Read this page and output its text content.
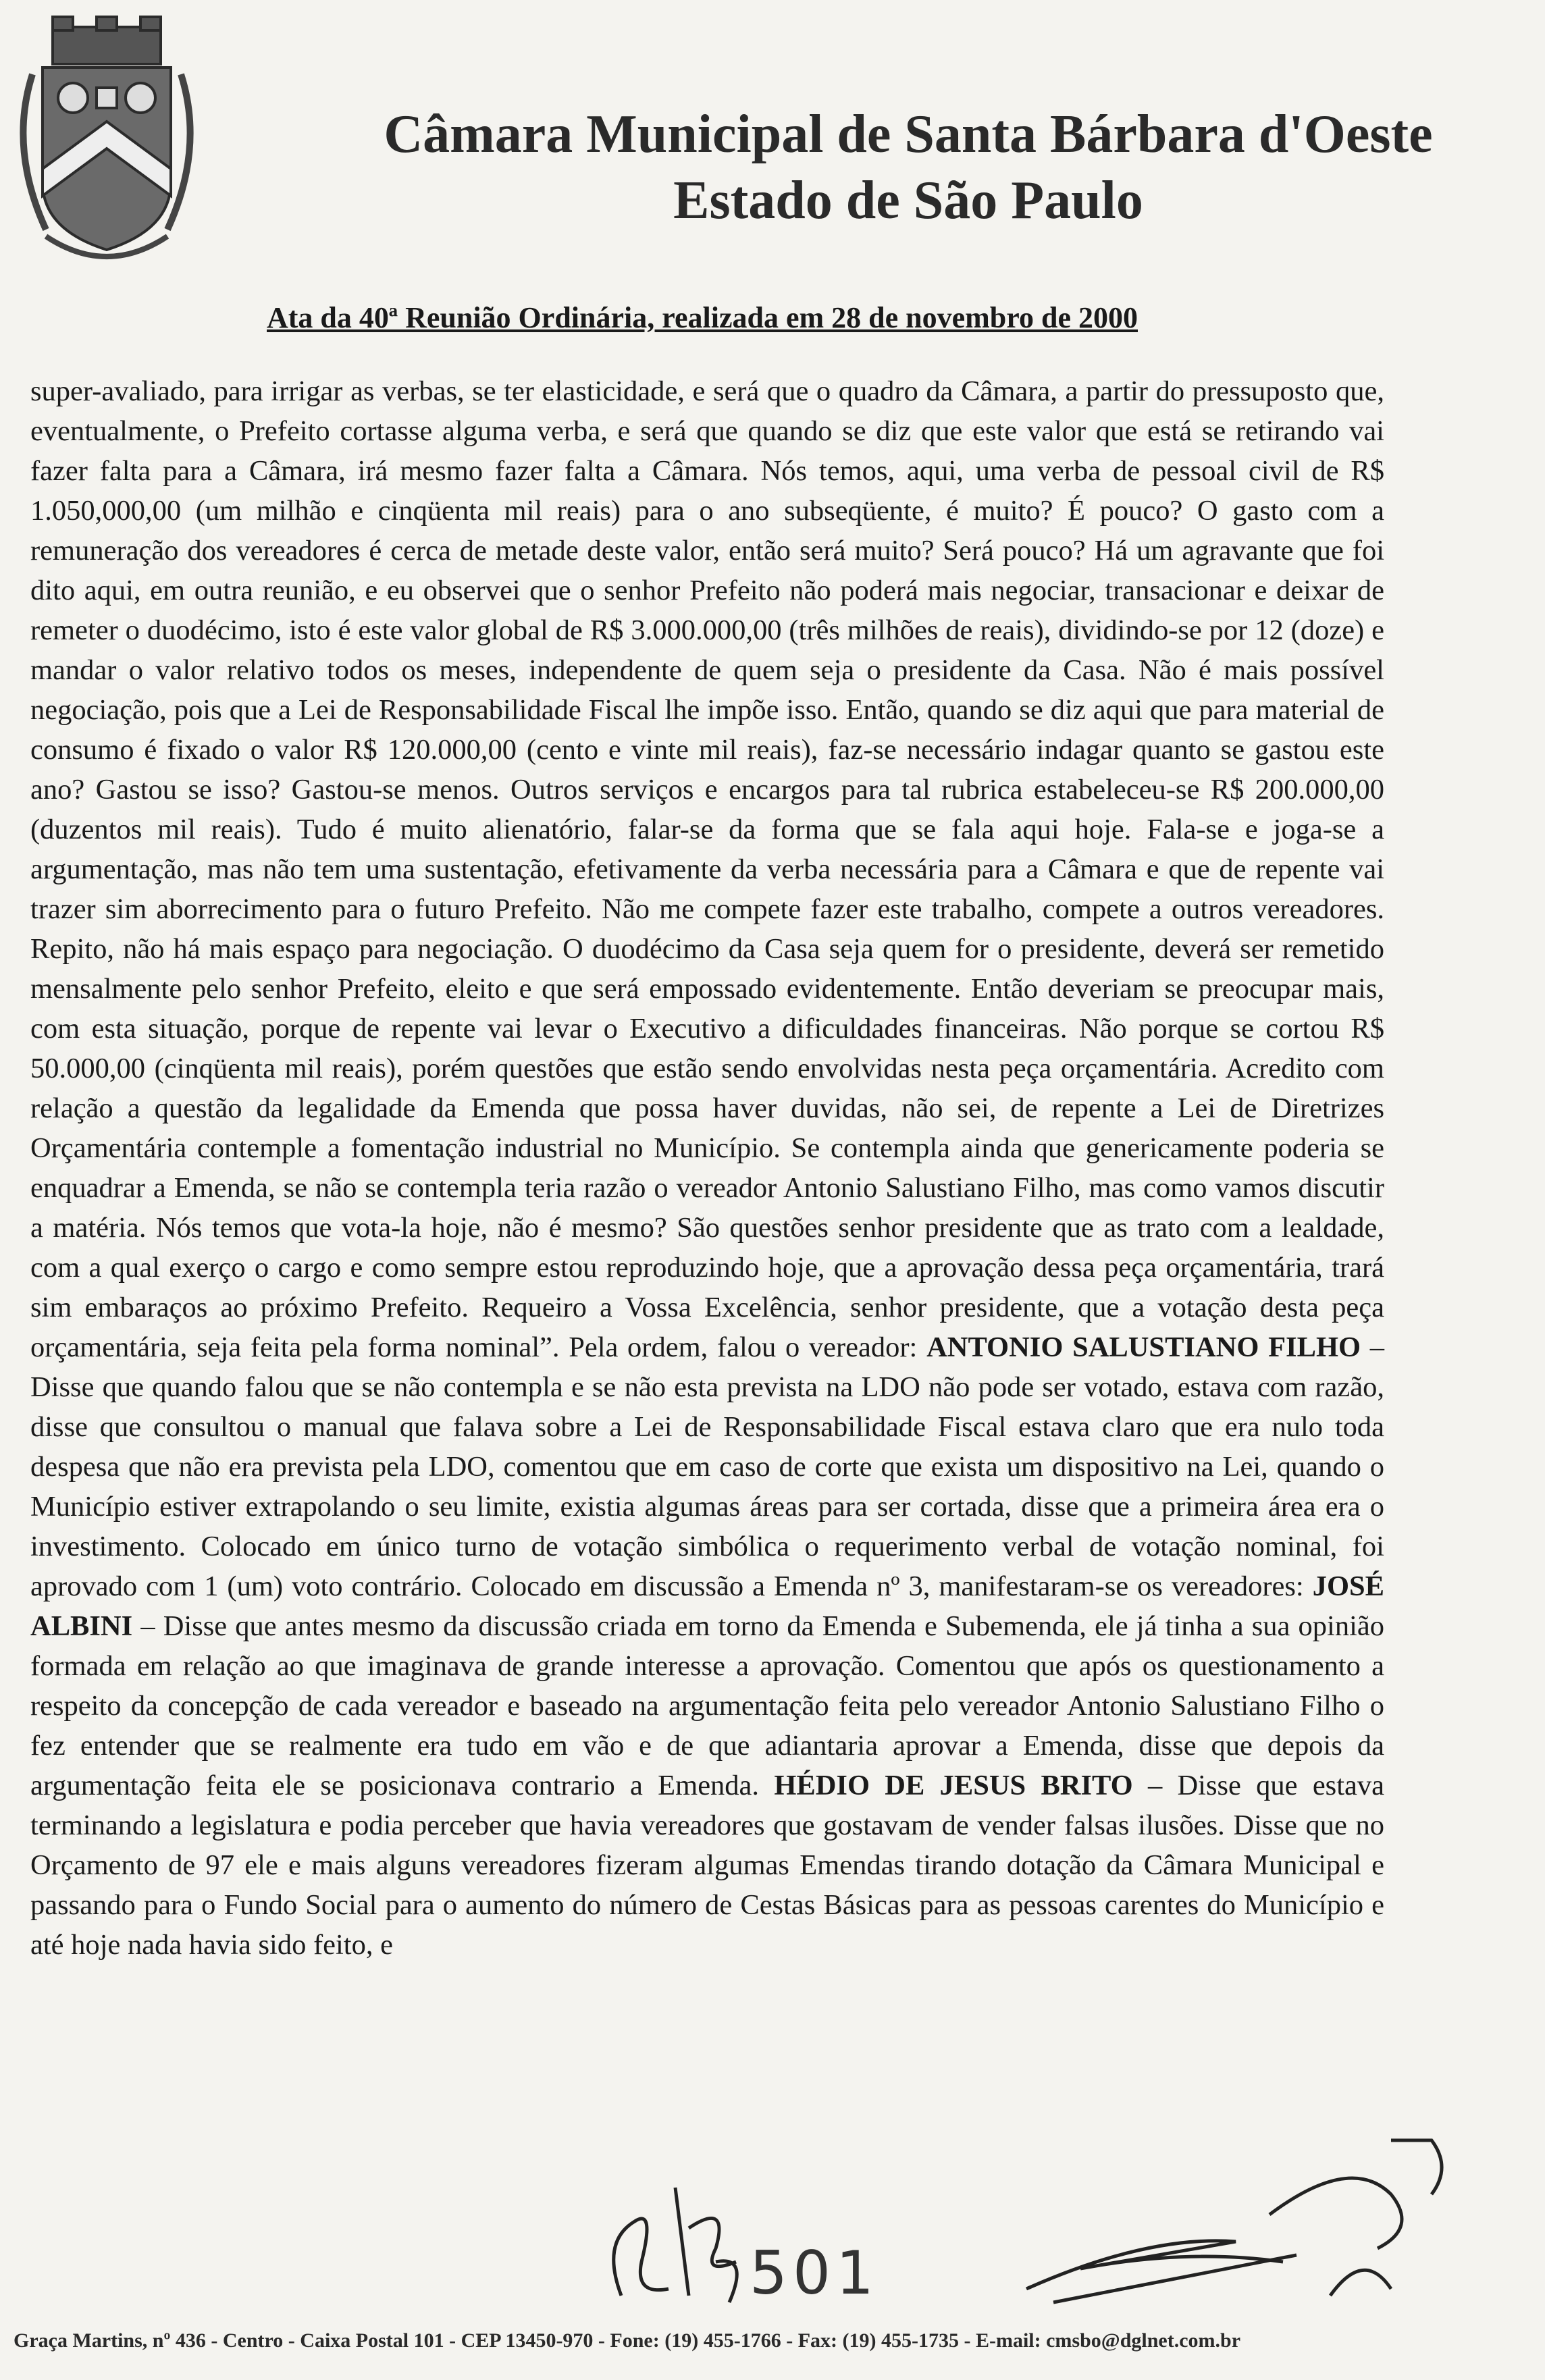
Câmara Municipal de Santa Bárbara d'Oeste
Estado de São Paulo
Ata da 40ª Reunião Ordinária, realizada em 28 de novembro de 2000
super-avaliado, para irrigar as verbas, se ter elasticidade, e será que o quadro da Câmara, a partir do pressuposto que, eventualmente, o Prefeito cortasse alguma verba, e será que quando se diz que este valor que está se retirando vai fazer falta para a Câmara, irá mesmo fazer falta a Câmara. Nós temos, aqui, uma verba de pessoal civil de R$ 1.050,000,00 (um milhão e cinqüenta mil reais) para o ano subseqüente, é muito? É pouco? O gasto com a remuneração dos vereadores é cerca de metade deste valor, então será muito? Será pouco? Há um agravante que foi dito aqui, em outra reunião, e eu observei que o senhor Prefeito não poderá mais negociar, transacionar e deixar de remeter o duodécimo, isto é este valor global de R$ 3.000.000,00 (três milhões de reais), dividindo-se por 12 (doze) e mandar o valor relativo todos os meses, independente de quem seja o presidente da Casa. Não é mais possível negociação, pois que a Lei de Responsabilidade Fiscal lhe impõe isso. Então, quando se diz aqui que para material de consumo é fixado o valor R$ 120.000,00 (cento e vinte mil reais), faz-se necessário indagar quanto se gastou este ano? Gastou se isso? Gastou-se menos. Outros serviços e encargos para tal rubrica estabeleceu-se R$ 200.000,00 (duzentos mil reais). Tudo é muito alienatório, falar-se da forma que se fala aqui hoje. Fala-se e joga-se a argumentação, mas não tem uma sustentação, efetivamente da verba necessária para a Câmara e que de repente vai trazer sim aborrecimento para o futuro Prefeito. Não me compete fazer este trabalho, compete a outros vereadores. Repito, não há mais espaço para negociação. O duodécimo da Casa seja quem for o presidente, deverá ser remetido mensalmente pelo senhor Prefeito, eleito e que será empossado evidentemente. Então deveriam se preocupar mais, com esta situação, porque de repente vai levar o Executivo a dificuldades financeiras. Não porque se cortou R$ 50.000,00 (cinqüenta mil reais), porém questões que estão sendo envolvidas nesta peça orçamentária. Acredito com relação a questão da legalidade da Emenda que possa haver duvidas, não sei, de repente a Lei de Diretrizes Orçamentária contemple a fomentação industrial no Município. Se contempla ainda que genericamente poderia se enquadrar a Emenda, se não se contempla teria razão o vereador Antonio Salustiano Filho, mas como vamos discutir a matéria. Nós temos que vota-la hoje, não é mesmo? São questões senhor presidente que as trato com a lealdade, com a qual exerço o cargo e como sempre estou reproduzindo hoje, que a aprovação dessa peça orçamentária, trará sim embaraços ao próximo Prefeito. Requeiro a Vossa Excelência, senhor presidente, que a votação desta peça orçamentária, seja feita pela forma nominal”. Pela ordem, falou o vereador: ANTONIO SALUSTIANO FILHO – Disse que quando falou que se não contempla e se não esta prevista na LDO não pode ser votado, estava com razão, disse que consultou o manual que falava sobre a Lei de Responsabilidade Fiscal estava claro que era nulo toda despesa que não era prevista pela LDO, comentou que em caso de corte que exista um dispositivo na Lei, quando o Município estiver extrapolando o seu limite, existia algumas áreas para ser cortada, disse que a primeira área era o investimento. Colocado em único turno de votação simbólica o requerimento verbal de votação nominal, foi aprovado com 1 (um) voto contrário. Colocado em discussão a Emenda nº 3, manifestaram-se os vereadores: JOSÉ ALBINI – Disse que antes mesmo da discussão criada em torno da Emenda e Subemenda, ele já tinha a sua opinião formada em relação ao que imaginava de grande interesse a aprovação. Comentou que após os questionamento a respeito da concepção de cada vereador e baseado na argumentação feita pelo vereador Antonio Salustiano Filho o fez entender que se realmente era tudo em vão e de que adiantaria aprovar a Emenda, disse que depois da argumentação feita ele se posicionava contrario a Emenda. HÉDIO DE JESUS BRITO – Disse que estava terminando a legislatura e podia perceber que havia vereadores que gostavam de vender falsas ilusões. Disse que no Orçamento de 97 ele e mais alguns vereadores fizeram algumas Emendas tirando dotação da Câmara Municipal e passando para o Fundo Social para o aumento do número de Cestas Básicas para as pessoas carentes do Município e até hoje nada havia sido feito, e
501
Graça Martins, nº 436 - Centro - Caixa Postal 101 - CEP 13450-970 - Fone: (19) 455-1766 - Fax: (19) 455-1735 - E-mail: cmsbo@dglnet.com.br
